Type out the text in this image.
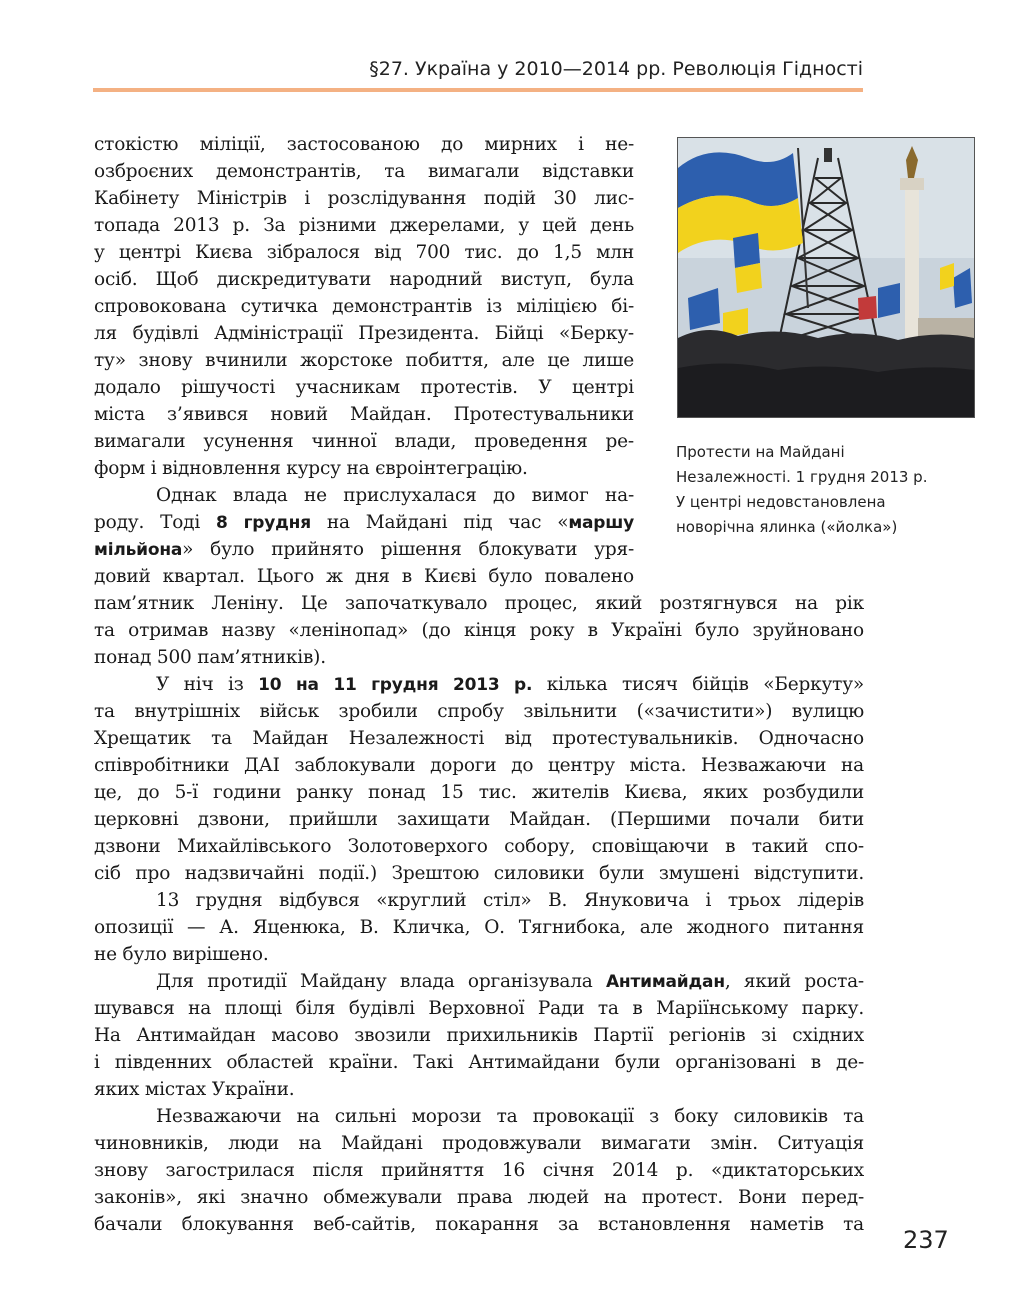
§27. Україна у 2010—2014 рр. Революція Гідності
Протести на Майдані
Незалежності. 1 грудня 2013 р.
У центрі недовстановлена
новорічна ялинка («йолка»)
стокістю міліції, застосованою до мирних і не-
озброєних демонстрантів, та вимагали відставки
Кабінету Міністрів і розслідування подій 30 лис-
топада 2013 р. За різними джерелами, у цей день
у центрі Києва зібралося від 700 тис. до 1,5 млн
осіб. Щоб дискредитувати народний виступ, була
спровокована сутичка демонстрантів із міліцією бі-
ля будівлі Адміністрації Президента. Бійці «Берку-
ту» знову вчинили жорстоке побиття, але це лише
додало рішучості учасникам протестів. У центрі
міста з’явився новий Майдан. Протестувальники
вимагали усунення чинної влади, проведення ре-
форм і відновлення курсу на євроінтеграцію.
Однак влада не прислухалася до вимог на-
роду. Тоді 8 грудня на Майдані під час «маршу
мільйона» було прийнято рішення блокувати уря-
довий квартал. Цього ж дня в Києві було повалено
пам’ятник Леніну. Це започаткувало процес, який розтягнувся на рік
та отримав назву «ленінопад» (до кінця року в Україні було зруйновано
понад 500 пам’ятників).
У ніч із 10 на 11 грудня 2013 р. кілька тисяч бійців «Беркуту»
та внутрішніх військ зробили спробу звільнити («зачистити») вулицю
Хрещатик та Майдан Незалежності від протестувальників. Одночасно
співробітники ДАІ заблокували дороги до центру міста. Незважаючи на
це, до 5-ї години ранку понад 15 тис. жителів Києва, яких розбудили
церковні дзвони, прийшли захищати Майдан. (Першими почали бити
дзвони Михайлівського Золотоверхого собору, сповіщаючи в такий спо-
сіб про надзвичайні події.) Зрештою силовики були змушені відступити.
13 грудня відбувся «круглий стіл» В. Януковича і трьох лідерів
опозиції — А. Яценюка, В. Кличка, О. Тягнибока, але жодного питання
не було вирішено.
Для протидії Майдану влада організувала Антимайдан, який роста-
шувався на площі біля будівлі Верховної Ради та в Маріїнському парку.
На Антимайдан масово звозили прихильників Партії регіонів зі східних
і південних областей країни. Такі Антимайдани були організовані в де-
яких містах України.
Незважаючи на сильні морози та провокації з боку силовиків та
чиновників, люди на Майдані продовжували вимагати змін. Ситуація
знову загострилася після прийняття 16 січня 2014 р. «диктаторських
законів», які значно обмежували права людей на протест. Вони перед-
бачали блокування веб-сайтів, покарання за встановлення наметів та
237
